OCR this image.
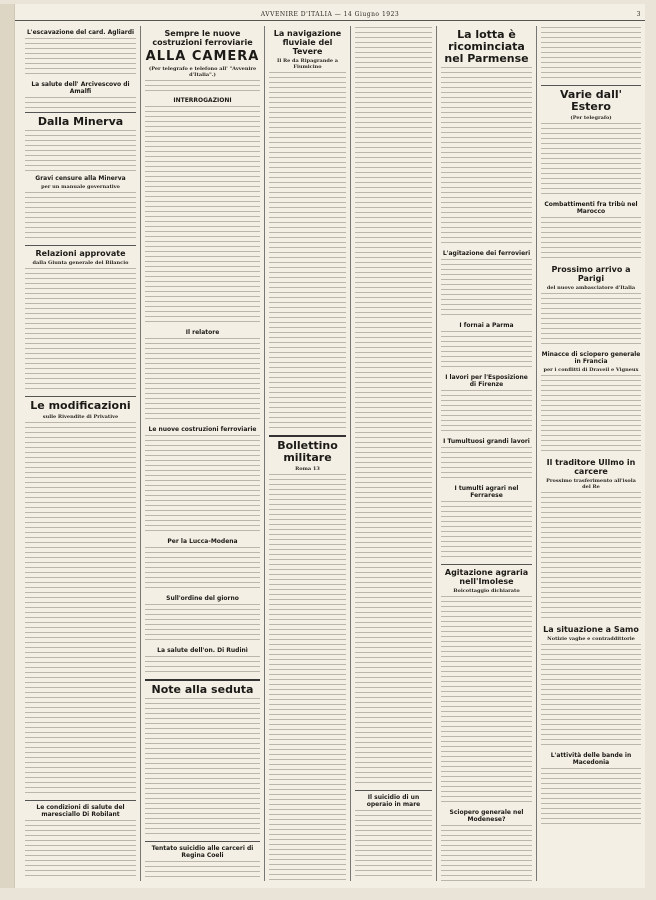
AVVENIRE D'ITALIA — 14 Giugno 1923	3
L'escavazione del card. Agliardi
La salute dell' Arcivescovo di Amalfi
Dalla Minerva
Gravi censure alla Minerva
per un manuale governativo
Relazioni approvate
dalla Giunta generale del Bilancio
Le modificazioni
sulle Rivendite di Privative
Le condizioni di salute del maresciallo Di Robilant
Sempre le nuove costruzioni ferroviarie
ALLA CAMERA
(Per telegrafo e telefono all' "Avvenire d'Italia".)
INTERROGAZIONI
Il relatore
Le nuove costruzioni ferroviarie
Per la Lucca-Modena
Sull'ordine del giorno
La salute dell'on. Di Rudinì
Note alla seduta
Tentato suicidio alle carceri di Regina Coeli
La navigazione fluviale del Tevere
Il Re da Ripagrande a Fiumicino
Bollettino militare
Roma 13
Il suicidio di un operaio in mare
La lotta è ricominciata nel Parmense
L'agitazione dei ferrovieri
I fornai a Parma
I lavori per l'Esposizione di Firenze
I Tumultuosi grandi lavori
I tumulti agrari nel Ferrarese
Agitazione agraria nell'Imolese
Boicottaggio dichiarato
Sciopero generale nel Modenese?
Varie dall' Estero
(Per telegrafo)
Combattimenti fra tribù nel Marocco
Prossimo arrivo a Parigi
del nuovo ambasciatore d'Italia
Minacce di sciopero generale in Francia
per i conflitti di Draveil e Vigneux
Il traditore Ullmo in carcere
Prossimo trasferimento all'isola del Re
La situazione a Samo
Notizie vaghe e contraddittorie
L'attività delle bande in Macedonia
